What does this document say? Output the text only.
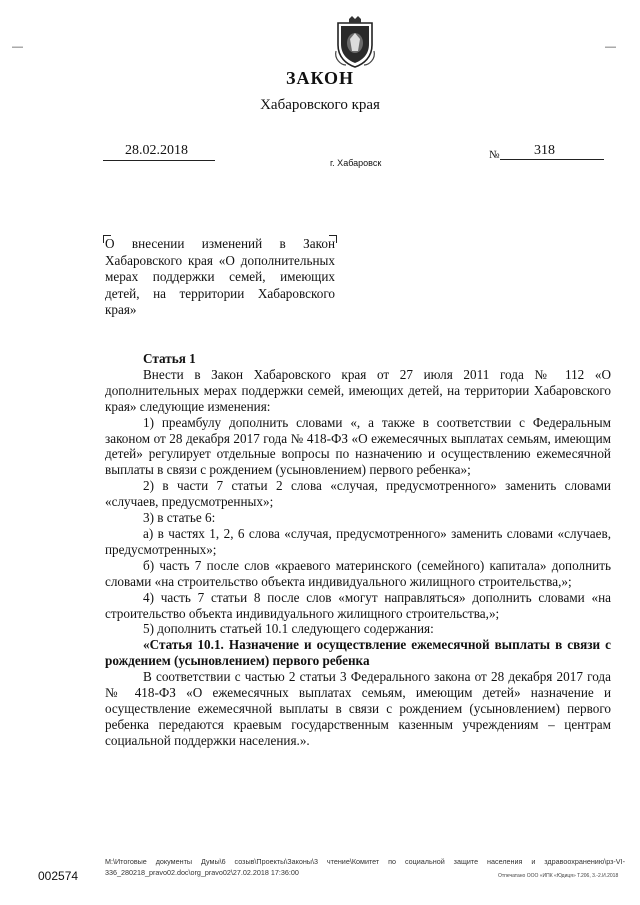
—	—
ЗАКОН
Хабаровского края
28.02.2018
г. Хабаровск
№	318

О внесении изменений в Закон Хабаровского края «О дополнительных мерах поддержки семей, имеющих детей, на территории Хабаровского края»

Статья 1

Внести в Закон Хабаровского края от 27 июля 2011 года № 112 «О дополнительных мерах поддержки семей, имеющих детей, на территории Хабаровского края» следующие изменения:

1) преамбулу дополнить словами «, а также в соответствии с Федеральным законом от 28 декабря 2017 года № 418-ФЗ «О ежемесячных выплатах семьям, имеющим детей» регулирует отдельные вопросы по назначению и осуществлению ежемесячной выплаты в связи с рождением (усыновлением) первого ребенка»;

2) в части 7 статьи 2 слова «случая, предусмотренного» заменить словами «случаев, предусмотренных»;

3) в статье 6:

а) в частях 1, 2, 6 слова «случая, предусмотренного» заменить словами «случаев, предусмотренных»;

б) часть 7 после слов «краевого материнского (семейного) капитала» дополнить словами «на строительство объекта индивидуального жилищного строительства,»;

4) часть 7 статьи 8 после слов «могут направляться» дополнить словами «на строительство объекта индивидуального жилищного строительства,»;

5) дополнить статьей 10.1 следующего содержания:

«Статья 10.1. Назначение и осуществление ежемесячной выплаты в связи с рождением (усыновлением) первого ребенка

В соответствии с частью 2 статьи 3 Федерального закона от 28 декабря 2017 года № 418-ФЗ «О ежемесячных выплатах семьям, имеющим детей» назначение и осуществление ежемесячной выплаты в связи с рождением (усыновлением) первого ребенка передаются краевым государственным казенным учреждениям – центрам социальной поддержки населения.».

002574
M:\Итоговые документы Думы\6 созыв\Проекты\Законы\3 чтение\Комитет по социальной защите населения и здравоохранению\рз-VI-336_280218_pravo02.doc\org_pravo02\27.02.2018 17:36:00	Отпечатано ООО «ИПК «Юдиця» Т.206, 3.-2.И.2018
